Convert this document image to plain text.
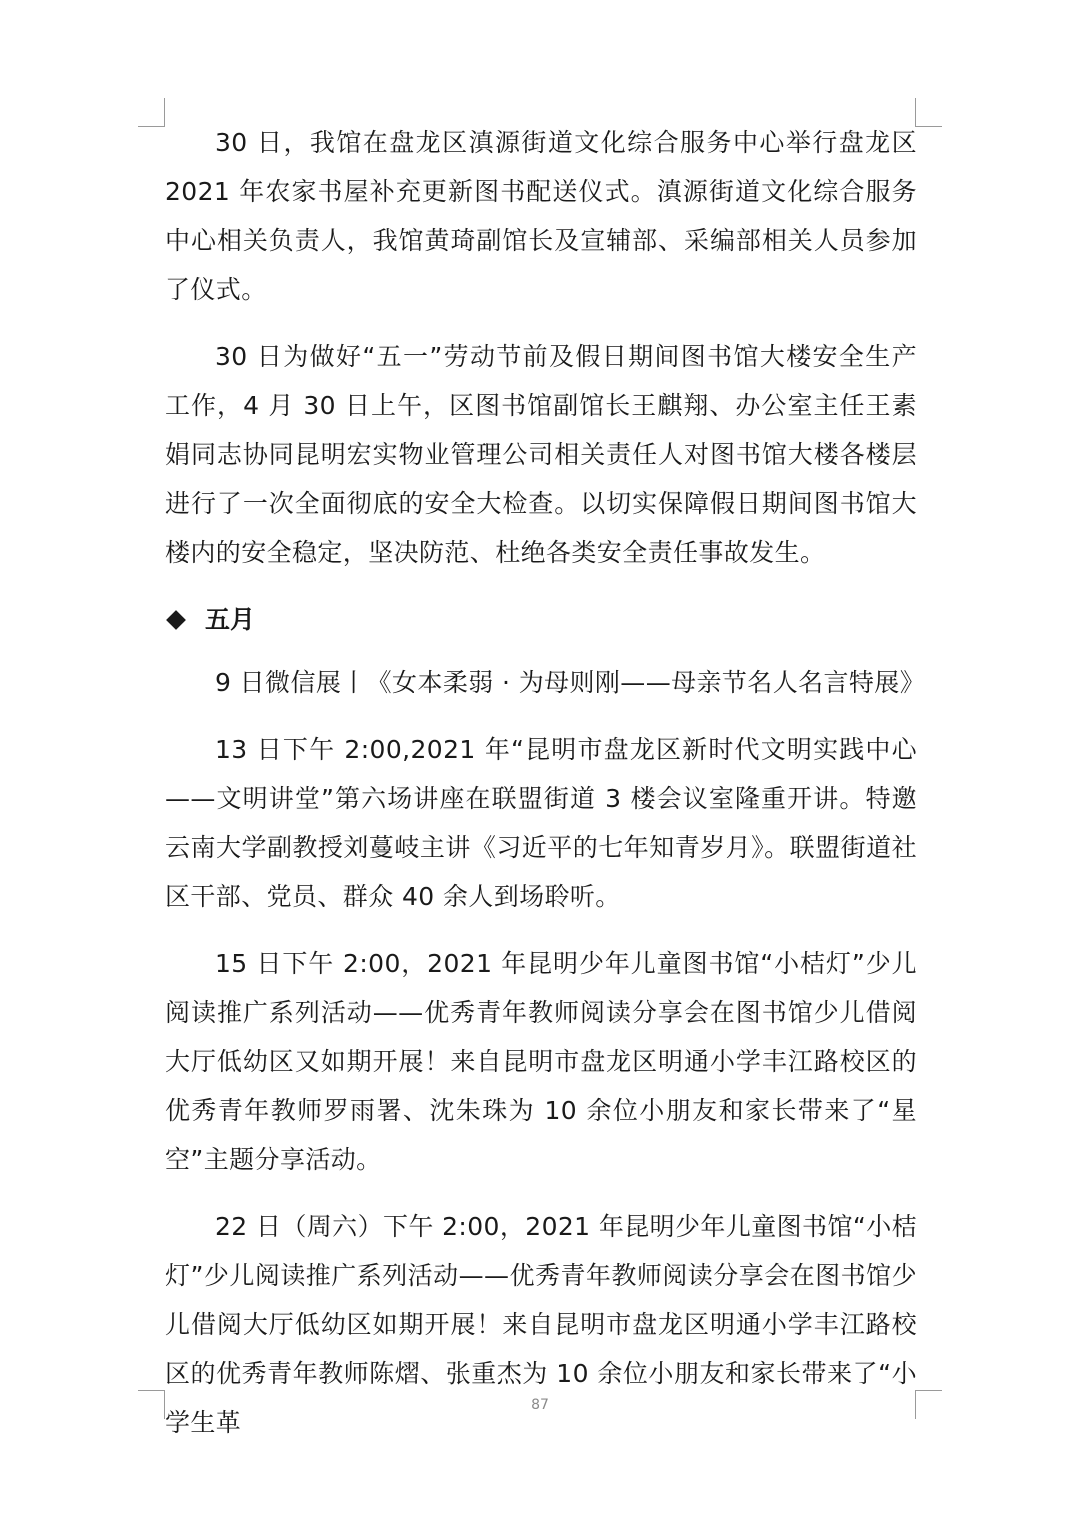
30 日，我馆在盘龙区滇源街道文化综合服务中心举行盘龙区 2021 年农家书屋补充更新图书配送仪式。滇源街道文化综合服务中心相关负责人，我馆黄琦副馆长及宣辅部、采编部相关人员参加了仪式。

30 日为做好“五一”劳动节前及假日期间图书馆大楼安全生产工作，4 月 30 日上午，区图书馆副馆长王麒翔、办公室主任王素娟同志协同昆明宏实物业管理公司相关责任人对图书馆大楼各楼层进行了一次全面彻底的安全大检查。以切实保障假日期间图书馆大楼内的安全稳定，坚决防范、杜绝各类安全责任事故发生。

五月

9 日微信展丨《女本柔弱 · 为母则刚——母亲节名人名言特展》

13 日下午 2:00,2021 年“昆明市盘龙区新时代文明实践中心——文明讲堂”第六场讲座在联盟街道 3 楼会议室隆重开讲。特邀云南大学副教授刘蔓岐主讲《习近平的七年知青岁月》。联盟街道社区干部、党员、群众 40 余人到场聆听。

15 日下午 2:00，2021 年昆明少年儿童图书馆“小桔灯”少儿阅读推广系列活动——优秀青年教师阅读分享会在图书馆少儿借阅大厅低幼区又如期开展！来自昆明市盘龙区明通小学丰江路校区的优秀青年教师罗雨署、沈朱珠为 10 余位小朋友和家长带来了“星空”主题分享活动。

22 日（周六）下午 2:00，2021 年昆明少年儿童图书馆“小桔灯”少儿阅读推广系列活动——优秀青年教师阅读分享会在图书馆少儿借阅大厅低幼区如期开展！来自昆明市盘龙区明通小学丰江路校区的优秀青年教师陈熠、张重杰为 10 余位小朋友和家长带来了“小学生革

87
